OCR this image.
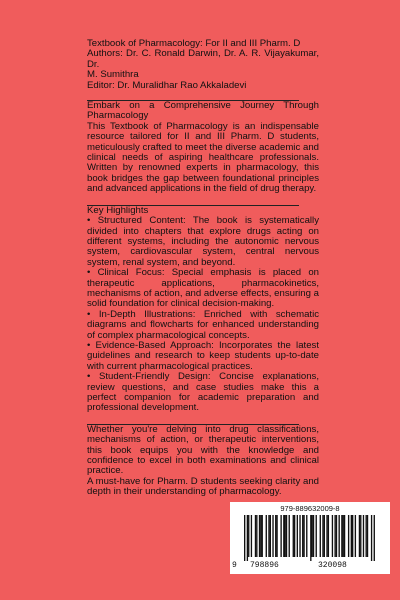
Textbook of Pharmacology: For II and III Pharm. D
Authors: Dr. C. Ronald Darwin, Dr. A. R. Vijayakumar, Dr.
M. Sumithra
Editor: Dr. Muralidhar Rao Akkaladevi
Embark on a Comprehensive Journey Through
Pharmacology
This Textbook of Pharmacology is an indispensable resource tailored for II and III Pharm. D students, meticulously crafted to meet the diverse academic and clinical needs of aspiring healthcare professionals. Written by renowned experts in pharmacology, this book bridges the gap between foundational principles and advanced applications in the field of drug therapy.
Key Highlights
• Structured Content: The book is systematically divided into chapters that explore drugs acting on different systems, including the autonomic nervous system, cardiovascular system, central nervous system, renal system, and beyond.
• Clinical Focus: Special emphasis is placed on therapeutic applications, pharmacokinetics, mechanisms of action, and adverse effects, ensuring a solid foundation for clinical decision-making.
• In-Depth Illustrations: Enriched with schematic diagrams and flowcharts for enhanced understanding of complex pharmacological concepts.
• Evidence-Based Approach: Incorporates the latest guidelines and research to keep students up-to-date with current pharmacological practices.
• Student-Friendly Design: Concise explanations, review questions, and case studies make this a perfect companion for academic preparation and professional development.
Whether you're delving into drug classifications, mechanisms of action, or therapeutic interventions, this book equips you with the knowledge and confidence to excel in both examinations and clinical practice.
A must-have for Pharm. D students seeking clarity and depth in their understanding of pharmacology.
979-889632009-8
9 798896	320098
